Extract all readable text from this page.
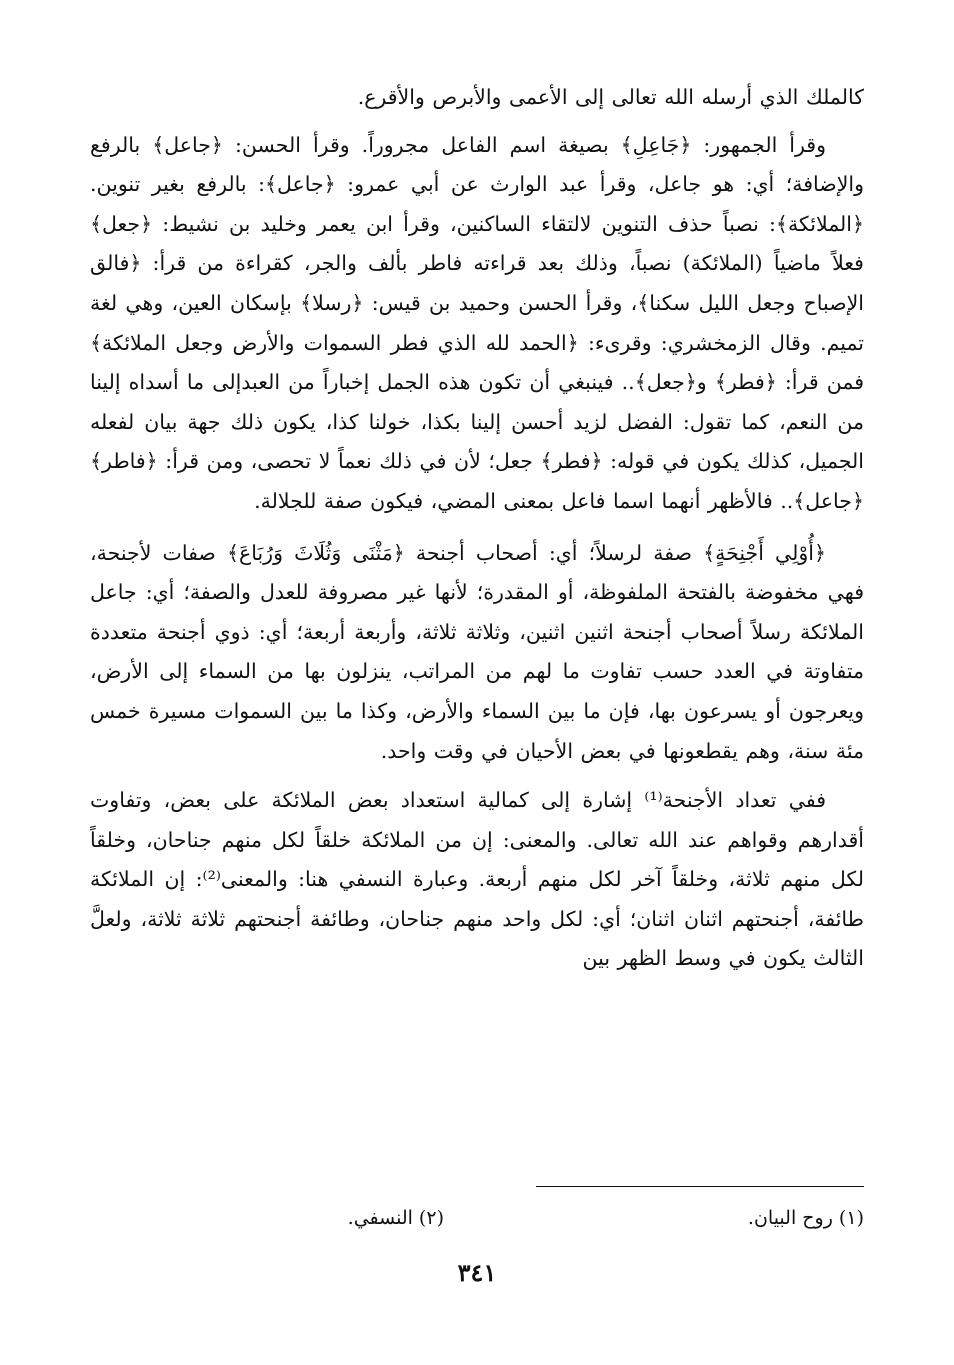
كالملك الذي أرسله الله تعالى إلى الأعمى والأبرص والأقرع.

وقرأ الجمهور: ﴿جَاعِلِ﴾ بصيغة اسم الفاعل مجروراً. وقرأ الحسن: ﴿جاعل﴾ بالرفع والإضافة؛ أي: هو جاعل، وقرأ عبد الوارث عن أبي عمرو: ﴿جاعل﴾: بالرفع بغير تنوين. ﴿الملائكة﴾: نصباً حذف التنوين لالتقاء الساكنين، وقرأ ابن يعمر وخليد بن نشيط: ﴿جعل﴾ فعلاً ماضياً (الملائكة) نصباً، وذلك بعد قراءته فاطر بألف والجر، كقراءة من قرأ: ﴿فالق الإصباح وجعل الليل سكنا﴾، وقرأ الحسن وحميد بن قيس: ﴿رسلا﴾ بإسكان العين، وهي لغة تميم. وقال الزمخشري: وقرىء: ﴿الحمد لله الذي فطر السموات والأرض وجعل الملائكة﴾ فمن قرأ: ﴿فطر﴾ و﴿جعل﴾.. فينبغي أن تكون هذه الجمل إخباراً من العبدإلى ما أسداه إلينا من النعم، كما تقول: الفضل لزيد أحسن إلينا بكذا، خولنا كذا، يكون ذلك جهة بيان لفعله الجميل، كذلك يكون في قوله: ﴿فطر﴾ جعل؛ لأن في ذلك نعماً لا تحصى، ومن قرأ: ﴿فاطر﴾ ﴿جاعل﴾.. فالأظهر أنهما اسما فاعل بمعنى المضي، فيكون صفة للجلالة.

﴿أُوْلِي أَجْنِحَةٍ﴾ صفة لرسلاً؛ أي: أصحاب أجنحة ﴿مَثْنَى وَثُلَاثَ وَرُبَاعَ﴾ صفات لأجنحة، فهي مخفوضة بالفتحة الملفوظة، أو المقدرة؛ لأنها غير مصروفة للعدل والصفة؛ أي: جاعل الملائكة رسلاً أصحاب أجنحة اثنين اثنين، وثلاثة ثلاثة، وأربعة أربعة؛ أي: ذوي أجنحة متعددة متفاوتة في العدد حسب تفاوت ما لهم من المراتب، ينزلون بها من السماء إلى الأرض، ويعرجون أو يسرعون بها، فإن ما بين السماء والأرض، وكذا ما بين السموات مسيرة خمس مئة سنة، وهم يقطعونها في بعض الأحيان في وقت واحد.

ففي تعداد الأجنحة⁽¹⁾ إشارة إلى كمالية استعداد بعض الملائكة على بعض، وتفاوت أقدارهم وقواهم عند الله تعالى. والمعنى: إن من الملائكة خلقاً لكل منهم جناحان، وخلقاً لكل منهم ثلاثة، وخلقاً آخر لكل منهم أربعة. وعبارة النسفي هنا: والمعنى⁽²⁾: إن الملائكة طائفة، أجنحتهم اثنان اثنان؛ أي: لكل واحد منهم جناحان، وطائفة أجنحتهم ثلاثة ثلاثة، ولعلَّ الثالث يكون في وسط الظهر بين

(١) روح البيان.
(٢) النسفي.
٣٤١
